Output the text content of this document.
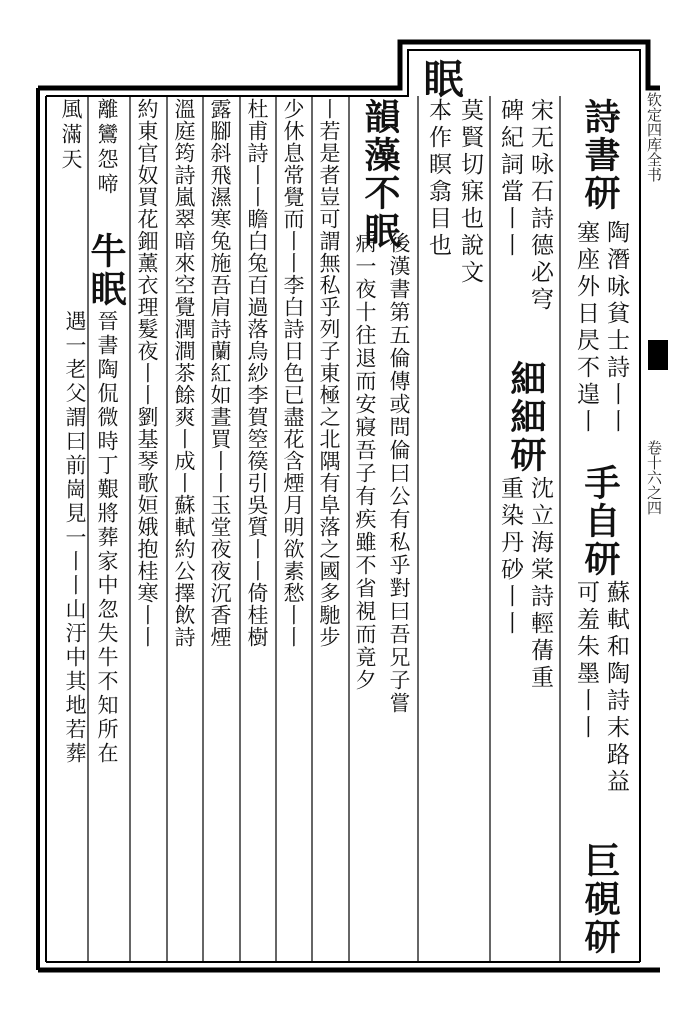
眠
钦定四库全书
卷十六之四
詩書研
陶潛咏貧士詩丨丨
塞座外日昃不遑丨
手自研
蘇軾和陶詩末路益
可羞朱墨丨丨
巨硯研
宋无咏石詩德必穹
碑紀詞當丨丨
細細研
沈立海棠詩輕蒨重
重染丹砂丨丨
莫賢切寐也說文
本作瞑翕目也
韻藻不眠
後漢書第五倫傳或問倫曰公有私乎對曰吾兄子嘗
病一夜十往退而安寢吾子有疾雖不省視而竟夕
丨若是者豈可謂無私乎列子東極之北隅有阜落之國多馳步
少休息常覺而丨丨李白詩日色已盡花含煙月明欲素愁丨丨
杜甫詩丨丨瞻白兔百過落烏紗李賀箜篌引吳質丨丨倚桂樹
露腳斜飛濕寒兔施吾肩詩蘭紅如晝買丨丨玉堂夜夜沉香煙
溫庭筠詩嵐翠暗來空覺潤澗茶餘爽丨成丨蘇軾約公擇飲詩
約東官奴買花鈿薰衣理髮夜丨丨劉基琴歌姮娥抱桂寒丨丨
離鸞怨啼
牛眠
晉書陶侃微時丁艱將葬家中忽失牛不知所在
遇一老父謂曰前崗見一丨丨山汙中其地若葬
風滿天
